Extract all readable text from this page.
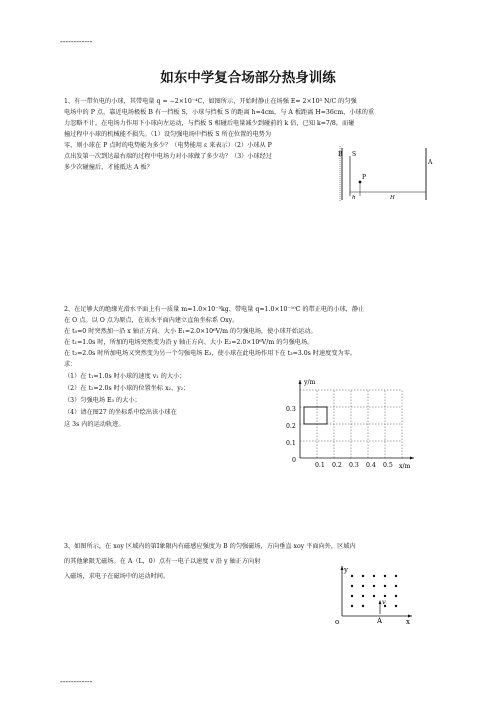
------------
------------
如东中学复合场部分热身训练
1、有一带负电的小球，其带电量 q = −2×10⁻⁴C，如图所示，开始时静止在场强 E= 2×10³ N/C 的匀强
电场中的 P 点，靠近电场极板 B 有一挡板 S，小球与挡板 S 的距离 h=4cm，与 A 板距离 H=36cm，小球的重
力忽略不计。在电场力作用下小球向左运动，与挡板 S 相碰后电量减少到碰前的 k 倍，已知 k=7/8，而碰
撞过程中小球的机械能不损失。（1）设匀强电场中挡板 S 所在位置的电势为
零，则小球在 P 点时的电势能为多少？（电势能用 ε 来表示）（2）小球从 P
点出发第一次到达最右端的过程中电场力对小球做了多少功？（3）小球经过
多少次碰撞后，才能抵达 A 板？
B S
A
P
h	H
2、在足够大的绝缘光滑水平面上有一质量 m=1.0×10⁻³kg、带电量 q=1.0×10⁻¹⁰C 的带正电的小球，静止
在 O 点。以 O 点为原点，在该水平面内建立直角坐标系 Oxy。
在 t₀=0 时突然加一沿 x 轴正方向、大小 E₁=2.0×10⁶V/m 的匀强电场，使小球开始运动。
在 t₁=1.0s 时，所加的电场突然变为沿 y 轴正方向、大小 E₂=2.0×10⁶V/m 的匀强电场。
在 t₂=2.0s 时所加电场又突然变为另一个匀强电场 E₃，使小球在此电场作用下在 t₃=3.0s 时速度变为零。
求：
（1）在 t₁=1.0s 时小球的速度 v₁ 的大小；
（2）在 t₂=2.0s 时小球的位置坐标 x₂、y₂；
（3）匀强电场 E₃ 的大小；
（4）请在图27 的坐标系中绘出该小球在
这 3s 内的运动轨迹。
y/m
x/m
0
0.3
0.2
0.1
0.1 0.2 0.3 0.4 0.5
3、如图所示，在 xoy 区域内的第Ⅰ象限内有磁感应强度为 B 的匀强磁场，方向垂直 xoy 平面向外，区域内
的其他象限无磁场。在 A（L，0）点有一电子以速度 v 沿 y 轴正方向射
入磁场，求电子在磁场中的运动时间。
y
x
o	A
v
